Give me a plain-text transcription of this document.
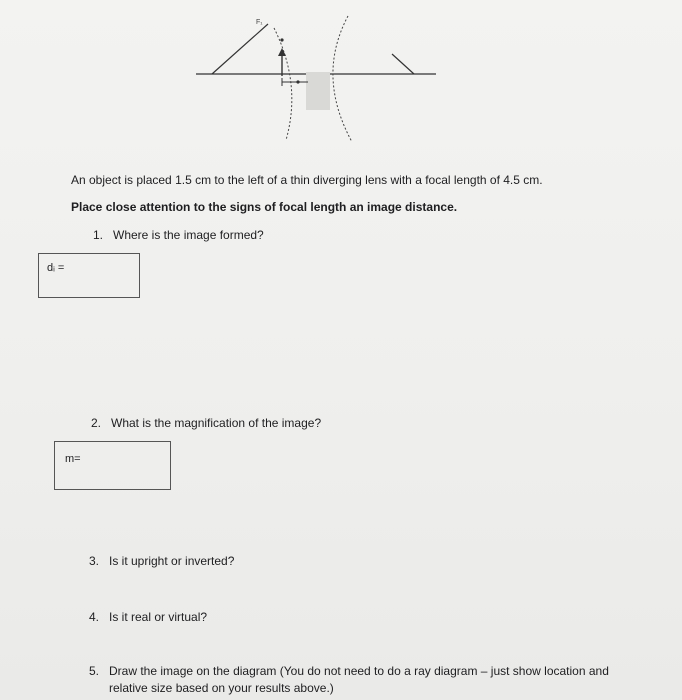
F₁
An object is placed 1.5 cm to the left of a thin diverging lens with a focal length of 4.5 cm.
Place close attention to the signs of focal length an image distance.
1. Where is the image formed?
dᵢ =
2. What is the magnification of the image?
m=
3. Is it upright or inverted?
4. Is it real or virtual?
5. Draw the image on the diagram (You do not need to do a ray diagram – just show location and
relative size based on your results above.)
